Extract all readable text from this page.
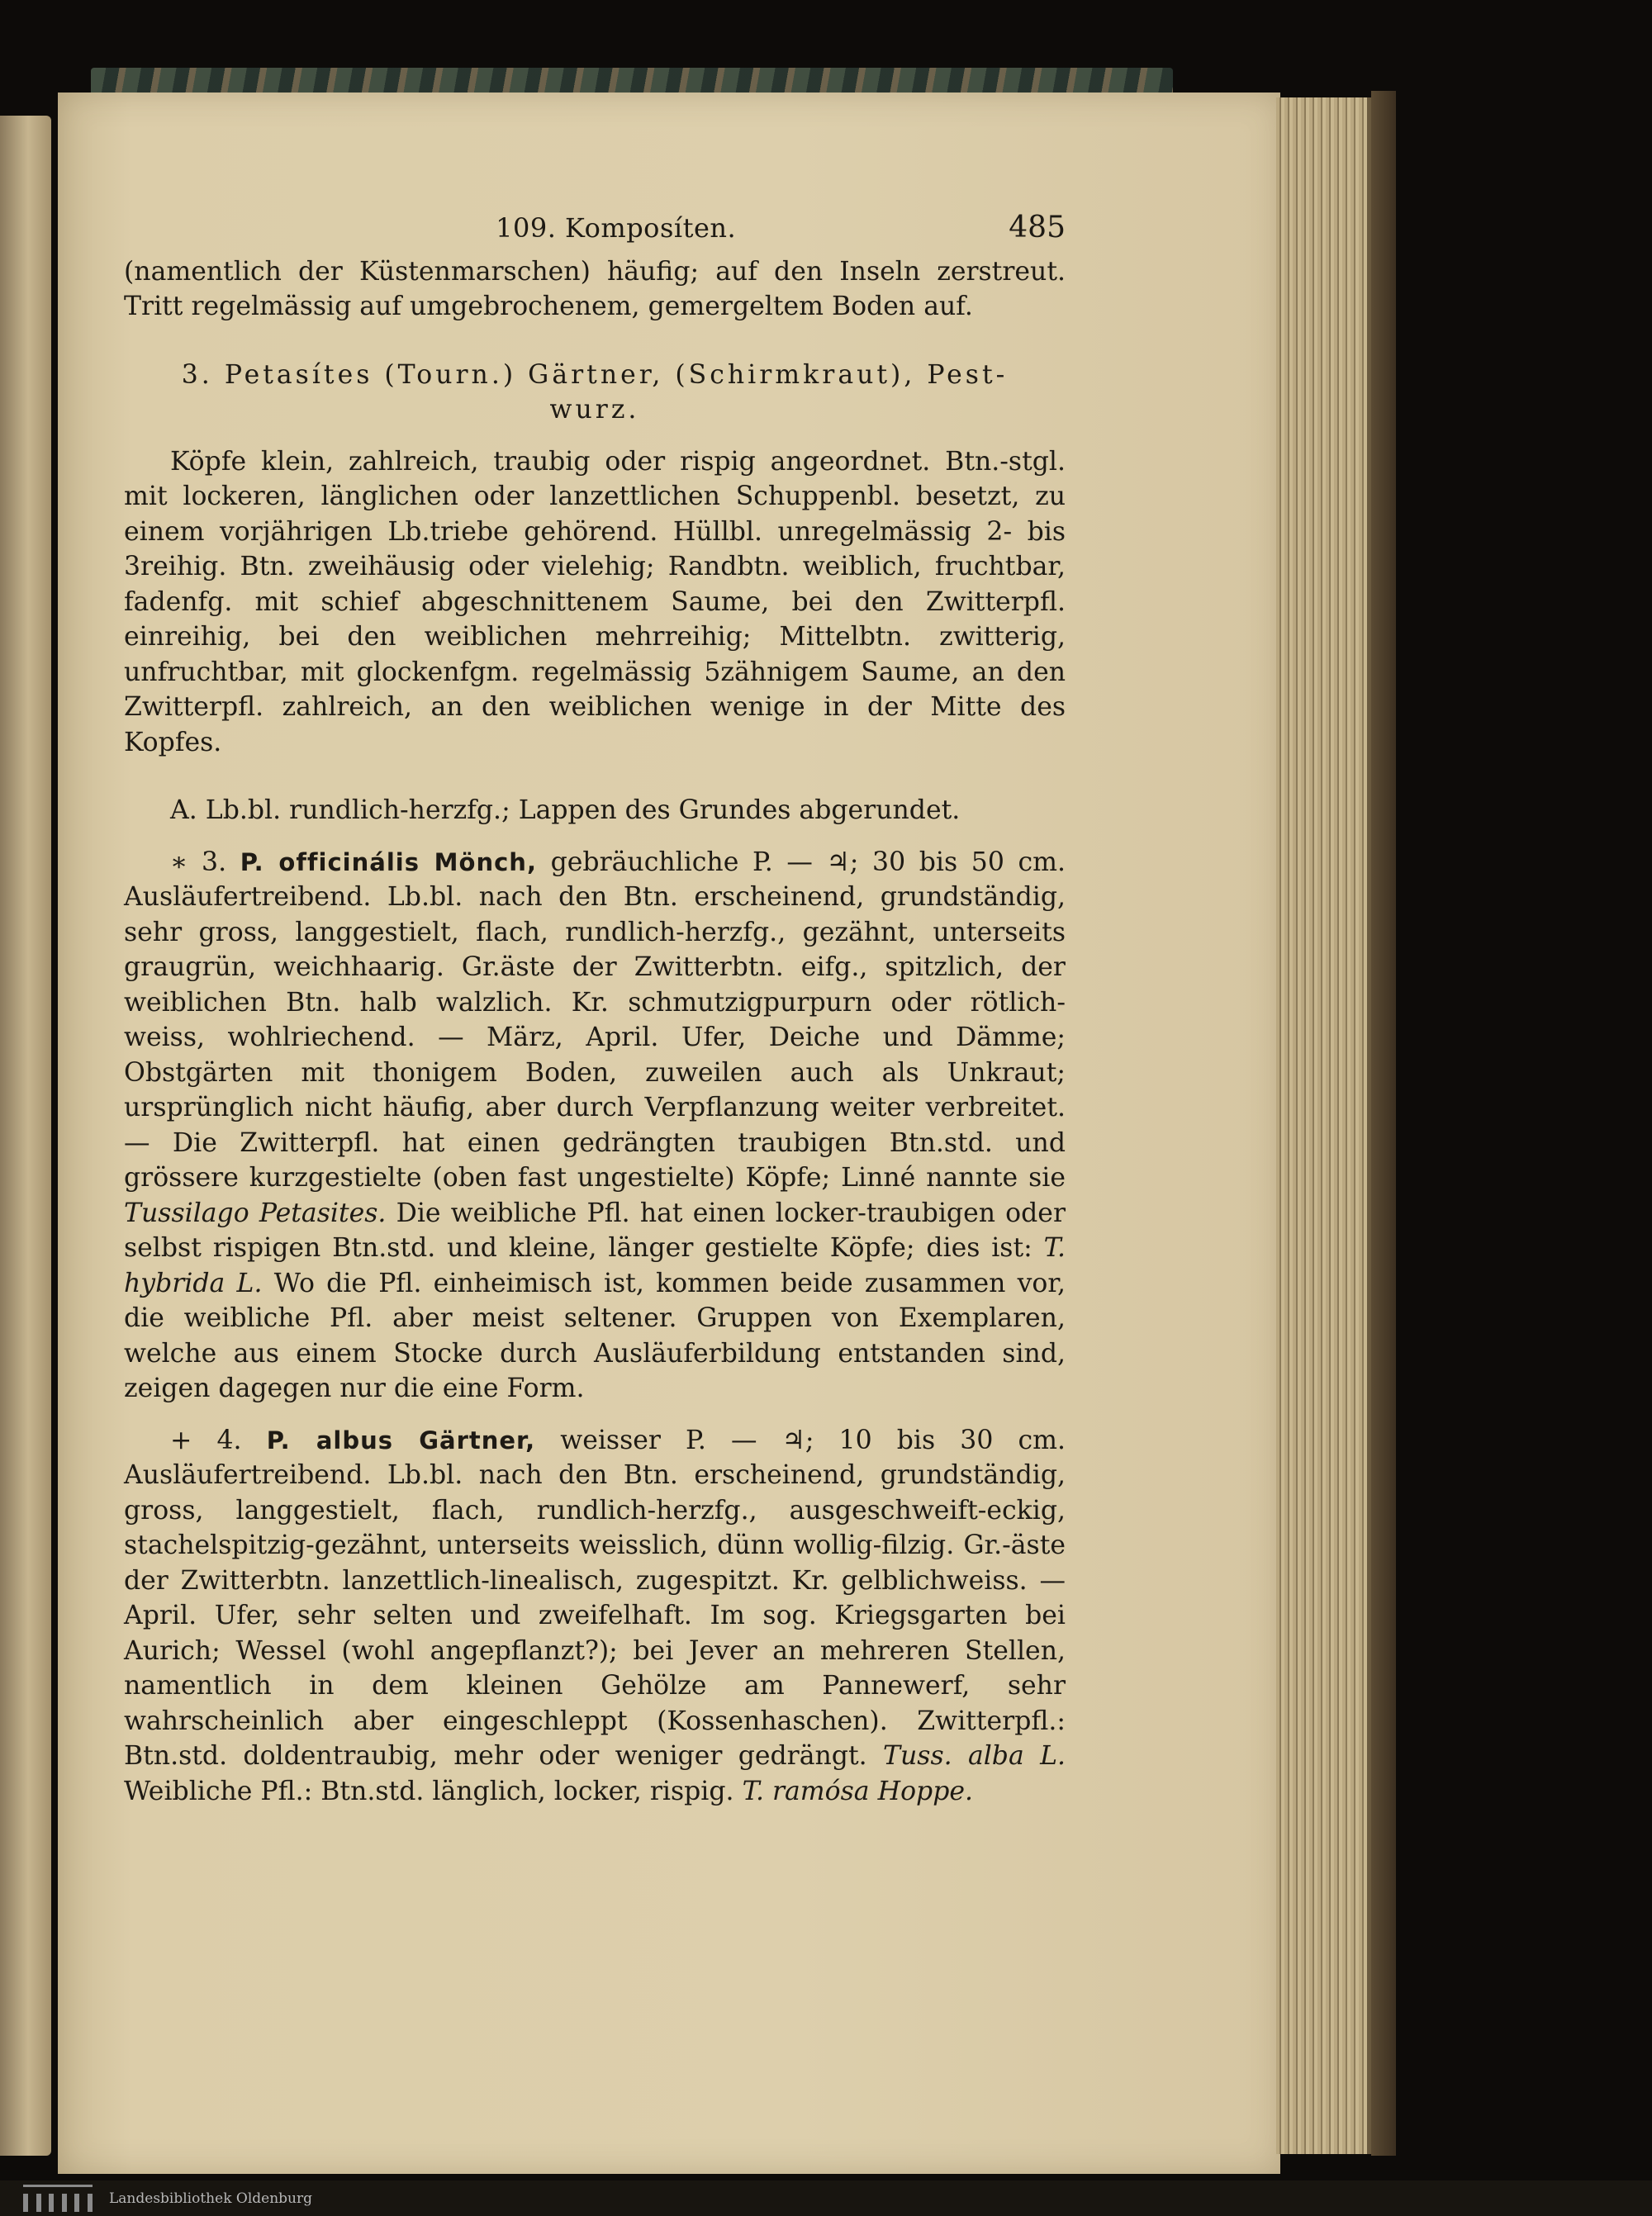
109. Komposíten.	485

(namentlich der Küstenmarschen) häufig; auf den Inseln zerstreut. Tritt regelmässig auf umgebrochenem, gemergeltem Boden auf.

3. Petasítes (Tourn.) Gärtner, (Schirmkraut), Pest-

wurz.

Köpfe klein, zahlreich, traubig oder rispig angeordnet. Btn.-stgl. mit lockeren, länglichen oder lanzettlichen Schuppenbl. besetzt, zu einem vorjährigen Lb.triebe gehörend. Hüllbl. unregelmässig 2- bis 3reihig. Btn. zweihäusig oder vielehig; Randbtn. weiblich, fruchtbar, fadenfg. mit schief abgeschnittenem Saume, bei den Zwitterpfl. einreihig, bei den weiblichen mehrreihig; Mittelbtn. zwitterig, unfruchtbar, mit glockenfgm. regelmässig 5zähnigem Saume, an den Zwitterpfl. zahlreich, an den weiblichen wenige in der Mitte des Kopfes.

A. Lb.bl. rundlich-herzfg.; Lappen des Grundes abgerundet.

∗ 3. P. officinális Mönch, gebräuchliche P. — ♃; 30 bis 50 cm. Ausläufertreibend. Lb.bl. nach den Btn. erscheinend, grundständig, sehr gross, langgestielt, flach, rundlich-herzfg., gezähnt, unterseits graugrün, weichhaarig. Gr.äste der Zwitterbtn. eifg., spitzlich, der weiblichen Btn. halb walzlich. Kr. schmutzigpurpurn oder rötlich-weiss, wohlriechend. — März, April. Ufer, Deiche und Dämme; Obstgärten mit thonigem Boden, zuweilen auch als Unkraut; ursprünglich nicht häufig, aber durch Verpflanzung weiter verbreitet. — Die Zwitterpfl. hat einen gedrängten traubigen Btn.std. und grössere kurzgestielte (oben fast ungestielte) Köpfe; Linné nannte sie Tussilago Petasites. Die weibliche Pfl. hat einen locker-traubigen oder selbst rispigen Btn.std. und kleine, länger gestielte Köpfe; dies ist: T. hybrida L. Wo die Pfl. einheimisch ist, kommen beide zusammen vor, die weibliche Pfl. aber meist seltener. Gruppen von Exemplaren, welche aus einem Stocke durch Ausläuferbildung entstanden sind, zeigen dagegen nur die eine Form.

+ 4. P. albus Gärtner, weisser P. — ♃; 10 bis 30 cm. Ausläufertreibend. Lb.bl. nach den Btn. erscheinend, grundständig, gross, langgestielt, flach, rundlich-herzfg., ausgeschweift-eckig, stachelspitzig-gezähnt, unterseits weisslich, dünn wollig-filzig. Gr.-äste der Zwitterbtn. lanzettlich-linealisch, zugespitzt. Kr. gelblichweiss. — April. Ufer, sehr selten und zweifelhaft. Im sog. Kriegsgarten bei Aurich; Wessel (wohl angepflanzt?); bei Jever an mehreren Stellen, namentlich in dem kleinen Gehölze am Pannewerf, sehr wahrscheinlich aber eingeschleppt (Kossenhaschen). Zwitterpfl.: Btn.std. doldentraubig, mehr oder weniger gedrängt. Tuss. alba L. Weibliche Pfl.: Btn.std. länglich, locker, rispig. T. ramósa Hoppe.

Landesbibliothek Oldenburg
